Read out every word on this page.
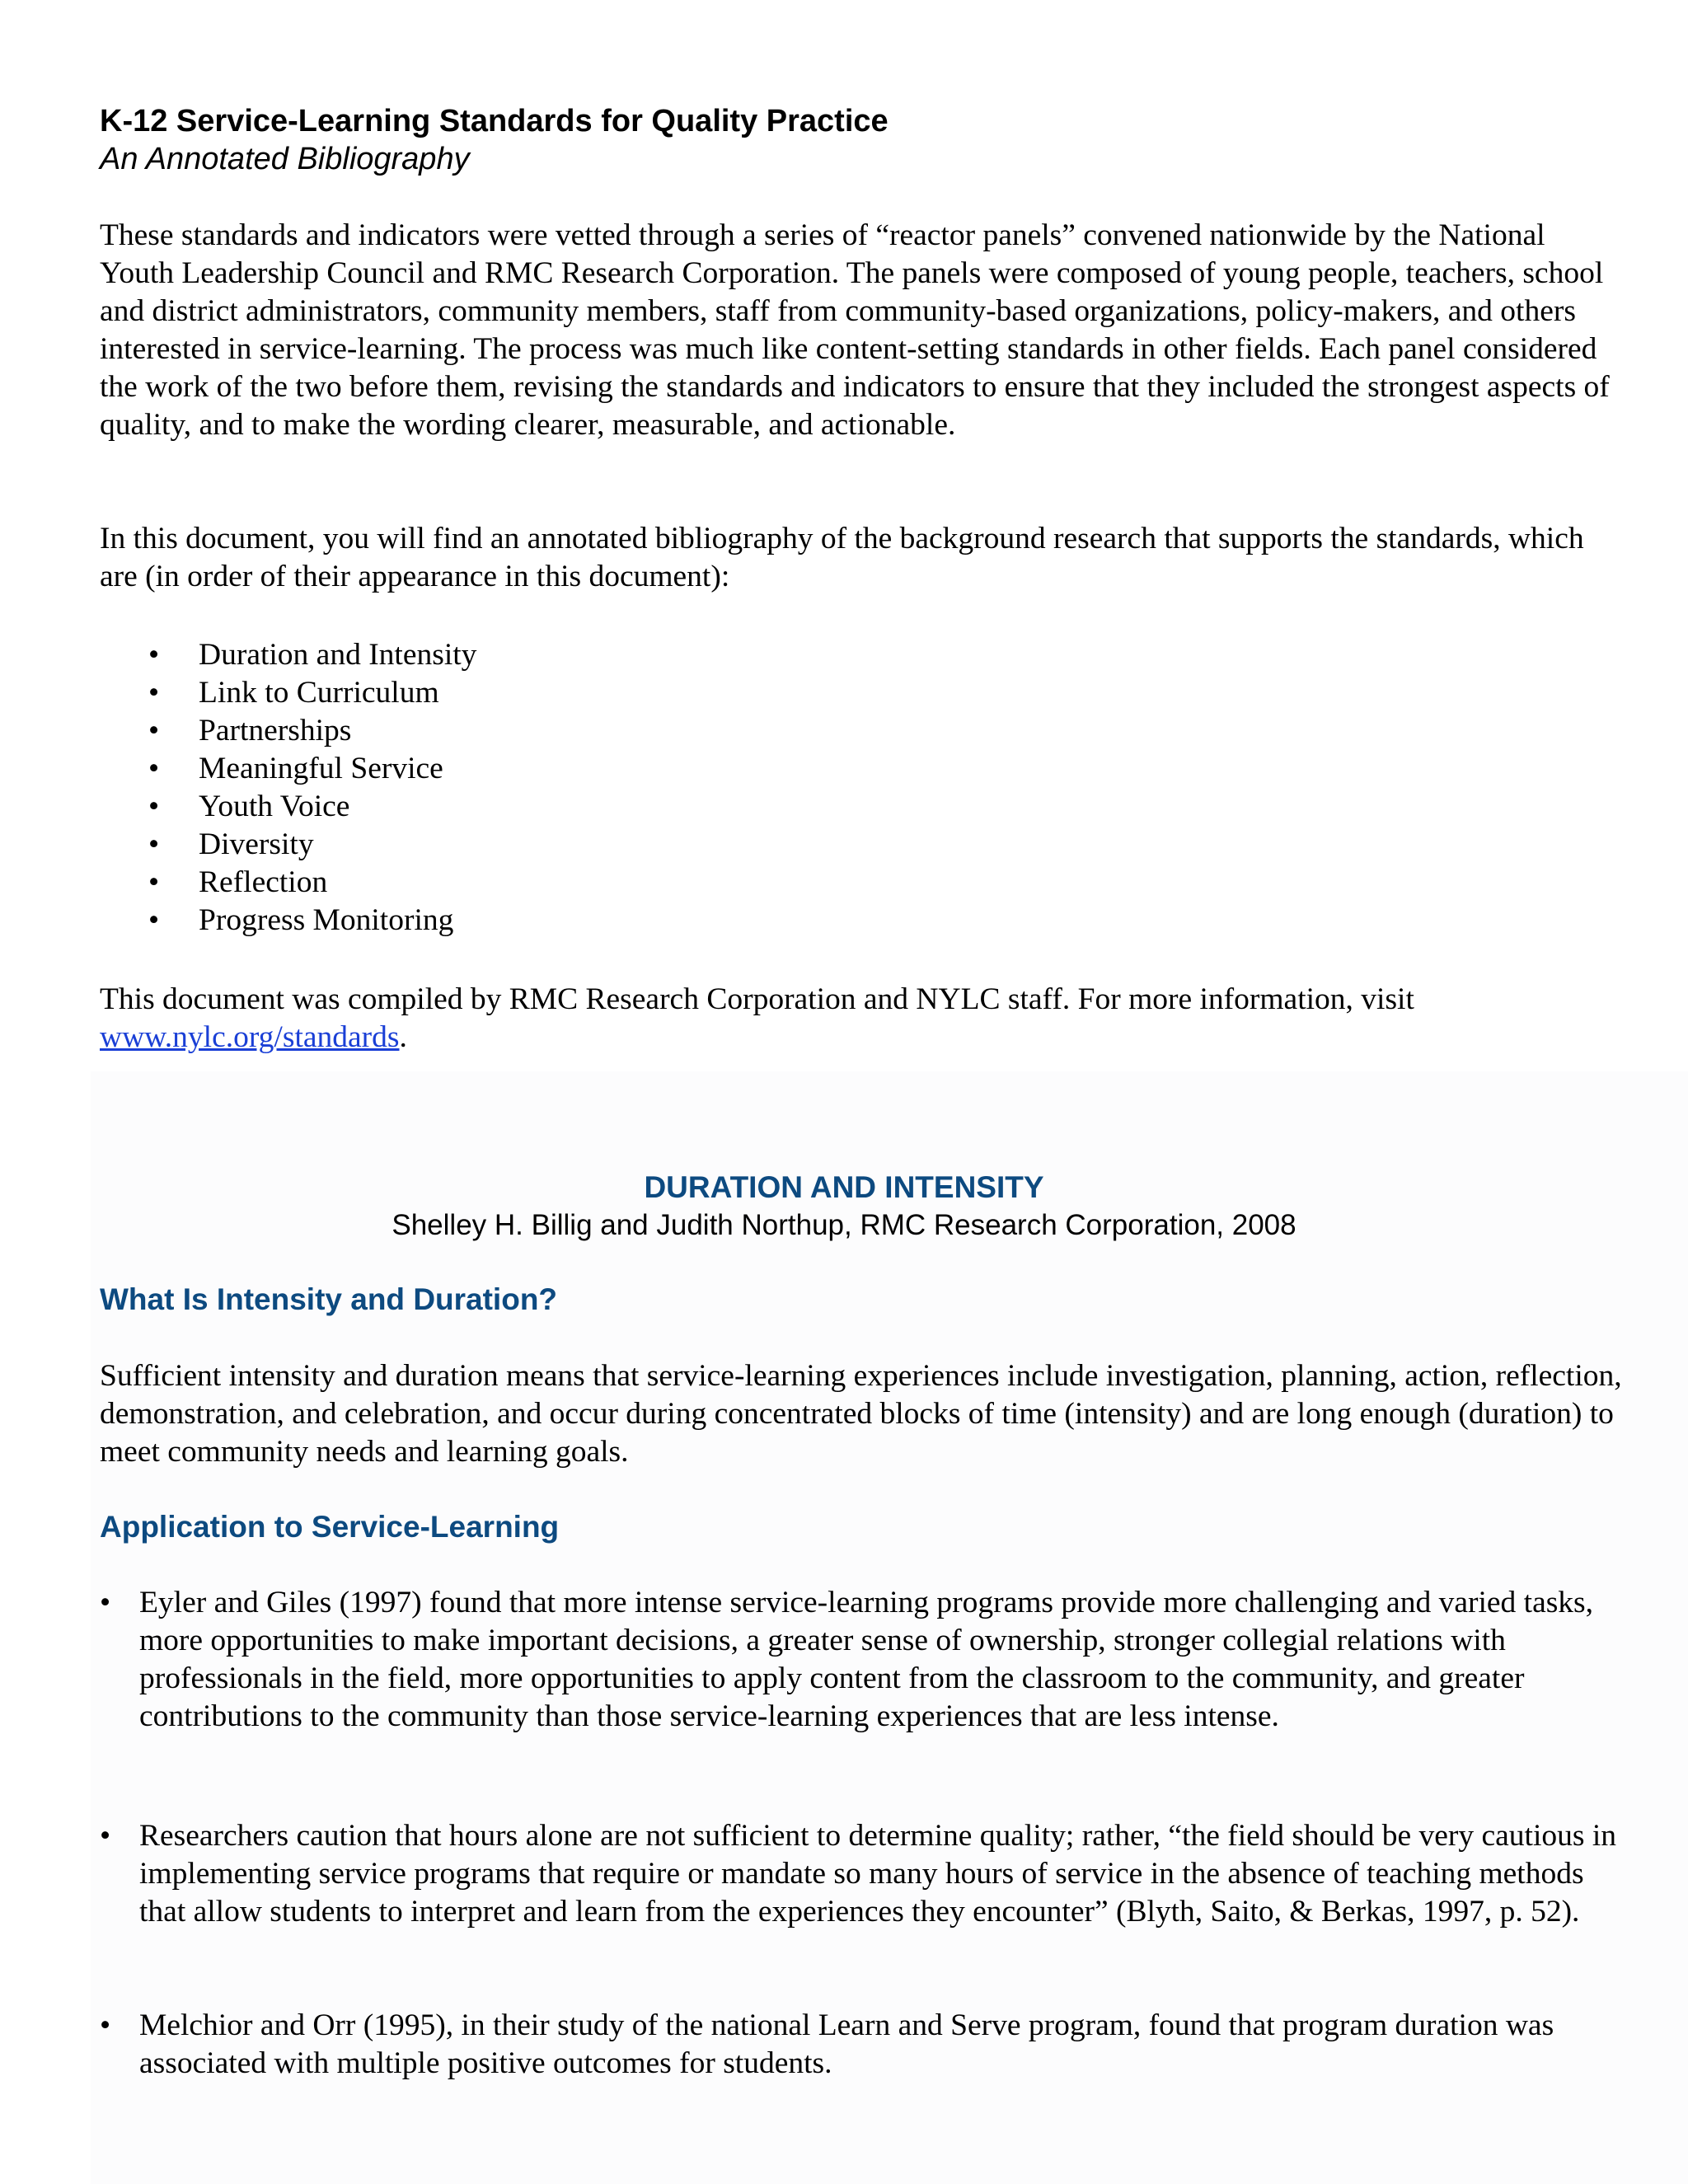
K-12 Service-Learning Standards for Quality Practice
An Annotated Bibliography

These standards and indicators were vetted through a series of “reactor panels” convened nationwide by the National Youth Leadership Council and RMC Research Corporation. The panels were composed of young people, teachers, school and district administrators, community members, staff from community-based organizations, policy-makers, and others interested in service-learning. The process was much like content-setting standards in other fields. Each panel considered the work of the two before them, revising the standards and indicators to ensure that they included the strongest aspects of quality, and to make the wording clearer, measurable, and actionable.

In this document, you will find an annotated bibliography of the background research that supports the standards, which are (in order of their appearance in this document):

• Duration and Intensity
• Link to Curriculum
• Partnerships
• Meaningful Service
• Youth Voice
• Diversity
• Reflection
• Progress Monitoring

This document was compiled by RMC Research Corporation and NYLC staff. For more information, visit www.nylc.org/standards.

DURATION AND INTENSITY
Shelley H. Billig and Judith Northup, RMC Research Corporation, 2008
What Is Intensity and Duration?

Sufficient intensity and duration means that service-learning experiences include investigation, planning, action, reflection, demonstration, and celebration, and occur during concentrated blocks of time (intensity) and are long enough (duration) to meet community needs and learning goals.

Application to Service-Learning
• Eyler and Giles (1997) found that more intense service-learning programs provide more challenging and varied tasks, more opportunities to make important decisions, a greater sense of ownership, stronger collegial relations with professionals in the field, more opportunities to apply content from the classroom to the community, and greater contributions to the community than those service-learning experiences that are less intense.
• Researchers caution that hours alone are not sufficient to determine quality; rather, “the field should be very cautious in implementing service programs that require or mandate so many hours of service in the absence of teaching methods that allow students to interpret and learn from the experiences they encounter” (Blyth, Saito, & Berkas, 1997, p. 52).
• Melchior and Orr (1995), in their study of the national Learn and Serve program, found that program duration was associated with multiple positive outcomes for students.
